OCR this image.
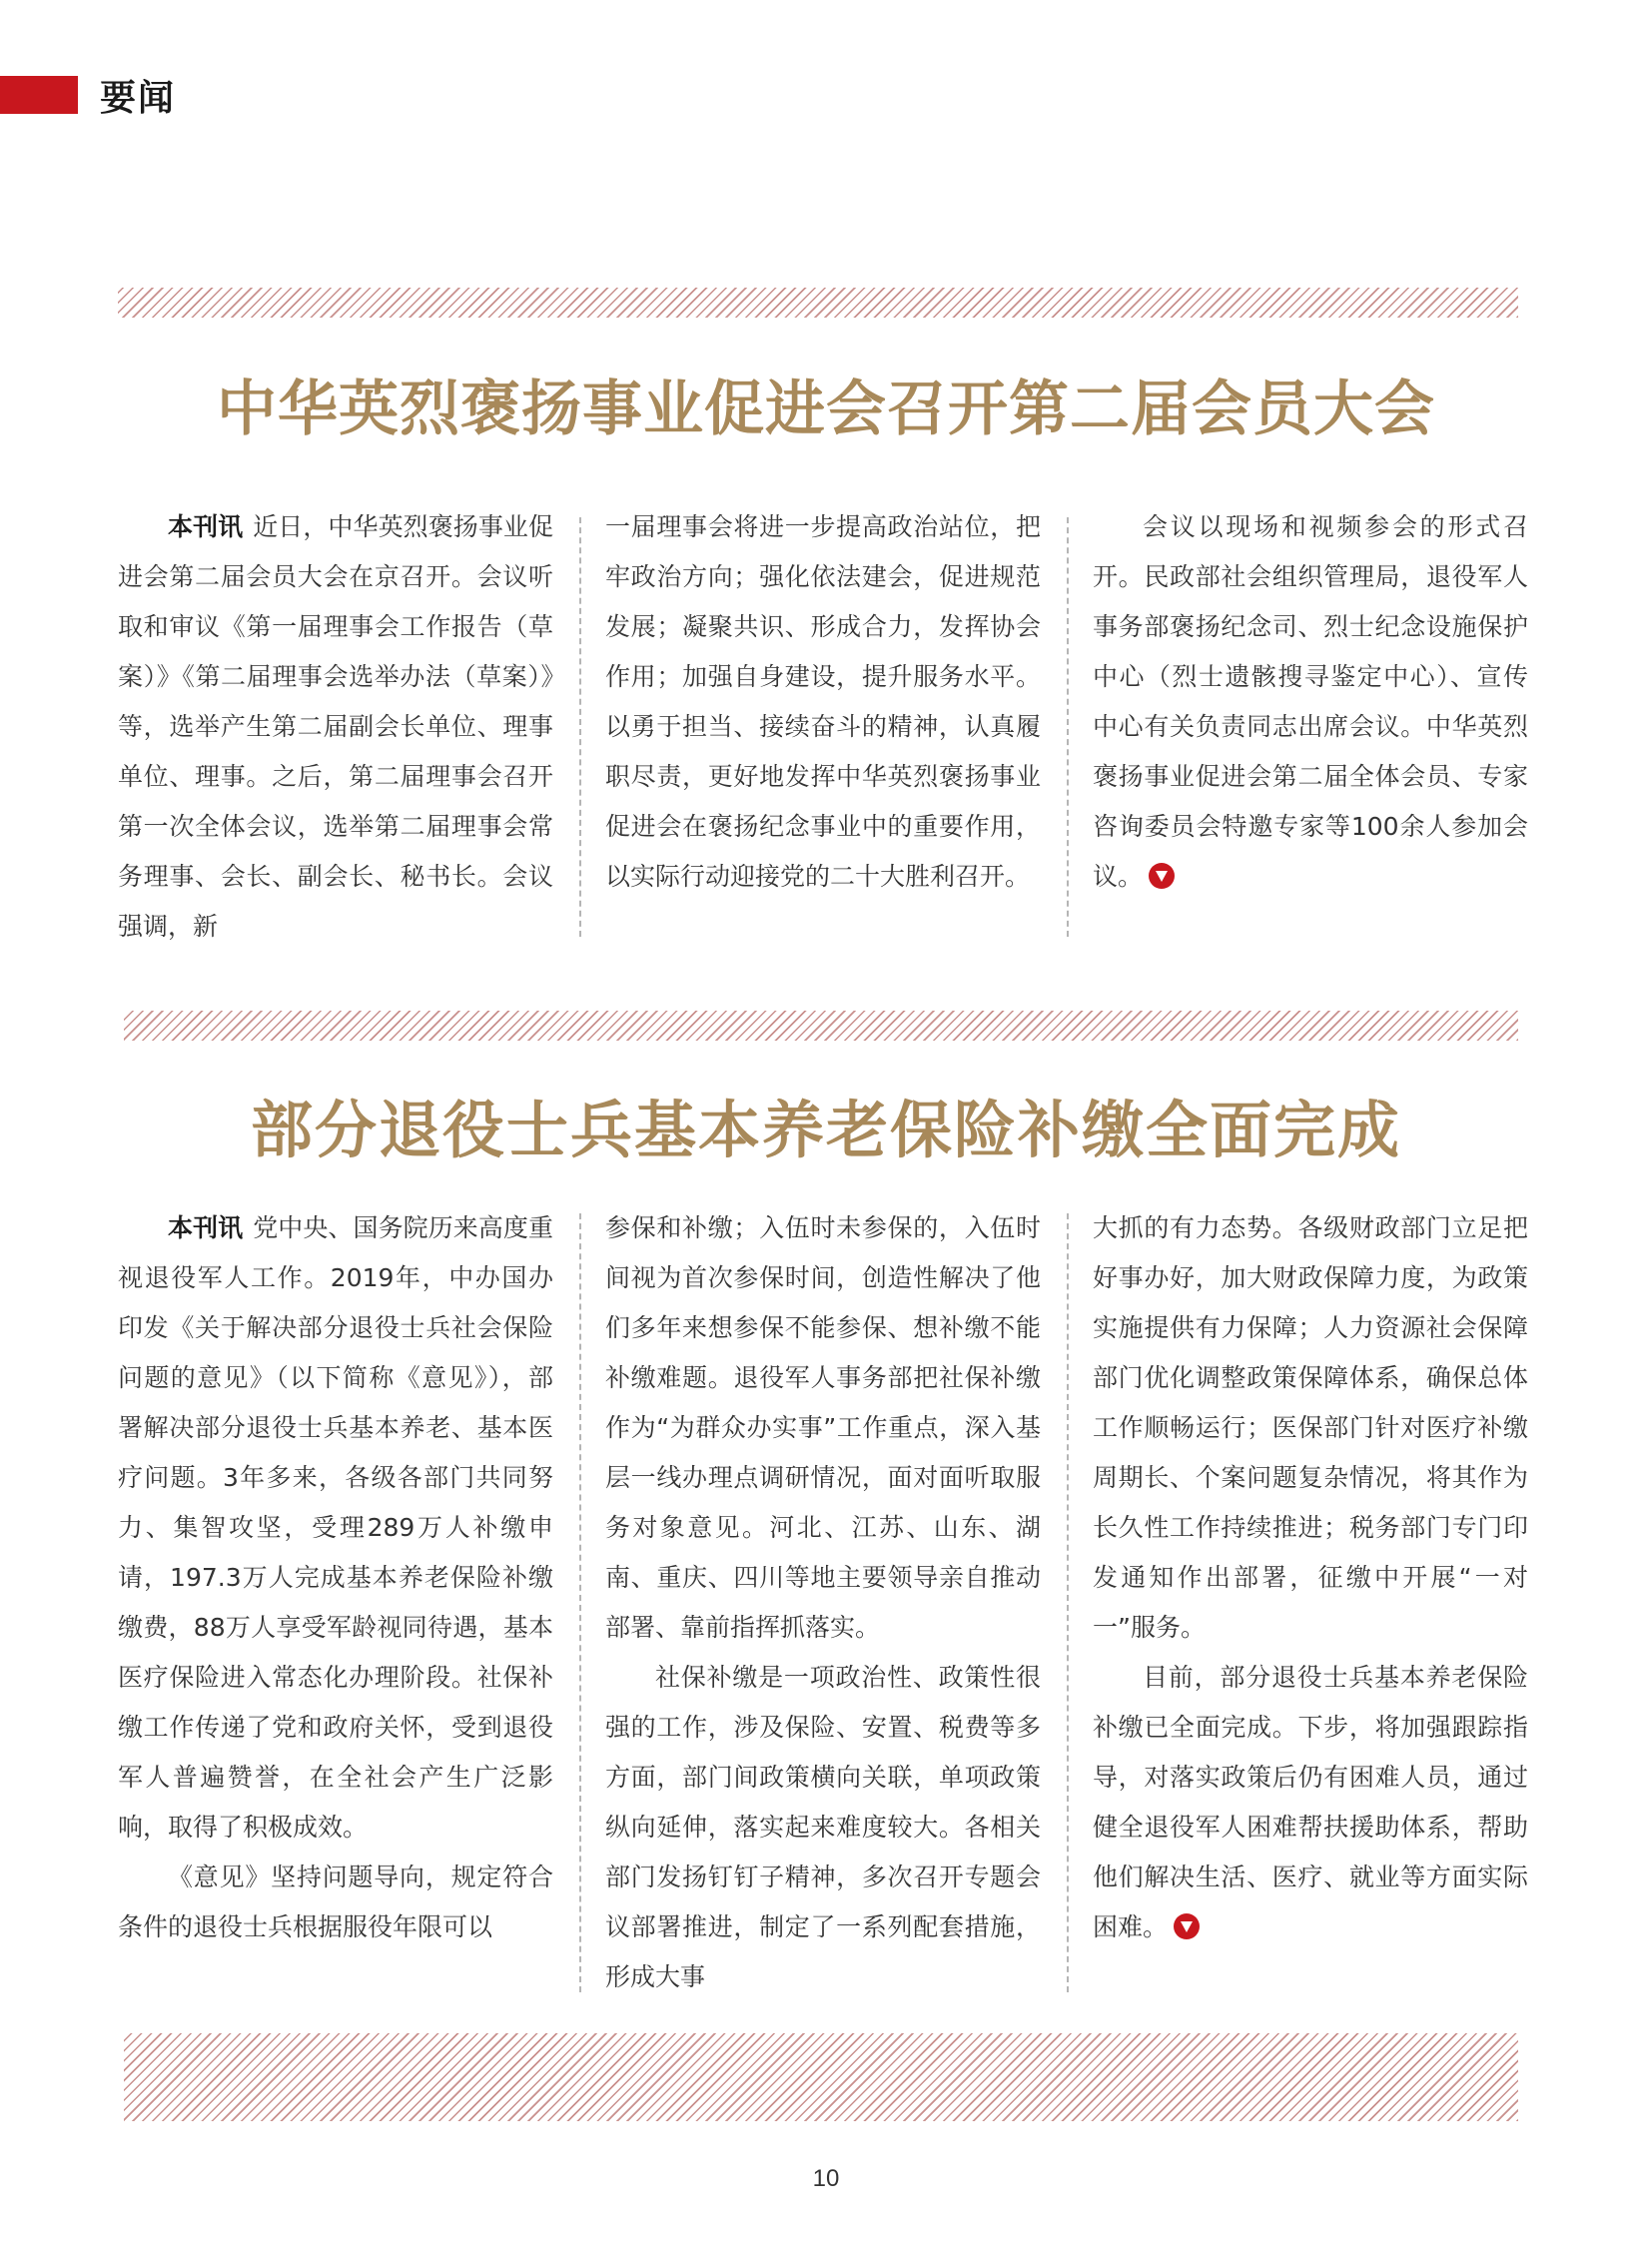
要闻
中华英烈褒扬事业促进会召开第二届会员大会

本刊讯 近日，中华英烈褒扬事业促进会第二届会员大会在京召开。会议听取和审议《第一届理事会工作报告（草案）》《第二届理事会选举办法（草案）》等，选举产生第二届副会长单位、理事单位、理事。之后，第二届理事会召开第一次全体会议，选举第二届理事会常务理事、会长、副会长、秘书长。会议强调，新

一届理事会将进一步提高政治站位，把牢政治方向；强化依法建会，促进规范发展；凝聚共识、形成合力，发挥协会作用；加强自身建设，提升服务水平。以勇于担当、接续奋斗的精神，认真履职尽责，更好地发挥中华英烈褒扬事业促进会在褒扬纪念事业中的重要作用，以实际行动迎接党的二十大胜利召开。

会议以现场和视频参会的形式召开。民政部社会组织管理局，退役军人事务部褒扬纪念司、烈士纪念设施保护中心（烈士遗骸搜寻鉴定中心）、宣传中心有关负责同志出席会议。中华英烈褒扬事业促进会第二届全体会员、专家咨询委员会特邀专家等100余人参加会议。

部分退役士兵基本养老保险补缴全面完成

本刊讯 党中央、国务院历来高度重视退役军人工作。2019年，中办国办印发《关于解决部分退役士兵社会保险问题的意见》（以下简称《意见》），部署解决部分退役士兵基本养老、基本医疗问题。3年多来，各级各部门共同努力、集智攻坚，受理289万人补缴申请，197.3万人完成基本养老保险补缴缴费，88万人享受军龄视同待遇，基本医疗保险进入常态化办理阶段。社保补缴工作传递了党和政府关怀，受到退役军人普遍赞誉，在全社会产生广泛影响，取得了积极成效。

《意见》坚持问题导向，规定符合条件的退役士兵根据服役年限可以

参保和补缴；入伍时未参保的，入伍时间视为首次参保时间，创造性解决了他们多年来想参保不能参保、想补缴不能补缴难题。退役军人事务部把社保补缴作为“为群众办实事”工作重点，深入基层一线办理点调研情况，面对面听取服务对象意见。河北、江苏、山东、湖南、重庆、四川等地主要领导亲自推动部署、靠前指挥抓落实。

社保补缴是一项政治性、政策性很强的工作，涉及保险、安置、税费等多方面，部门间政策横向关联，单项政策纵向延伸，落实起来难度较大。各相关部门发扬钉钉子精神，多次召开专题会议部署推进，制定了一系列配套措施，形成大事

大抓的有力态势。各级财政部门立足把好事办好，加大财政保障力度，为政策实施提供有力保障；人力资源社会保障部门优化调整政策保障体系，确保总体工作顺畅运行；医保部门针对医疗补缴周期长、个案问题复杂情况，将其作为长久性工作持续推进；税务部门专门印发通知作出部署，征缴中开展“一对一”服务。

目前，部分退役士兵基本养老保险补缴已全面完成。下步，将加强跟踪指导，对落实政策后仍有困难人员，通过健全退役军人困难帮扶援助体系，帮助他们解决生活、医疗、就业等方面实际困难。

10
